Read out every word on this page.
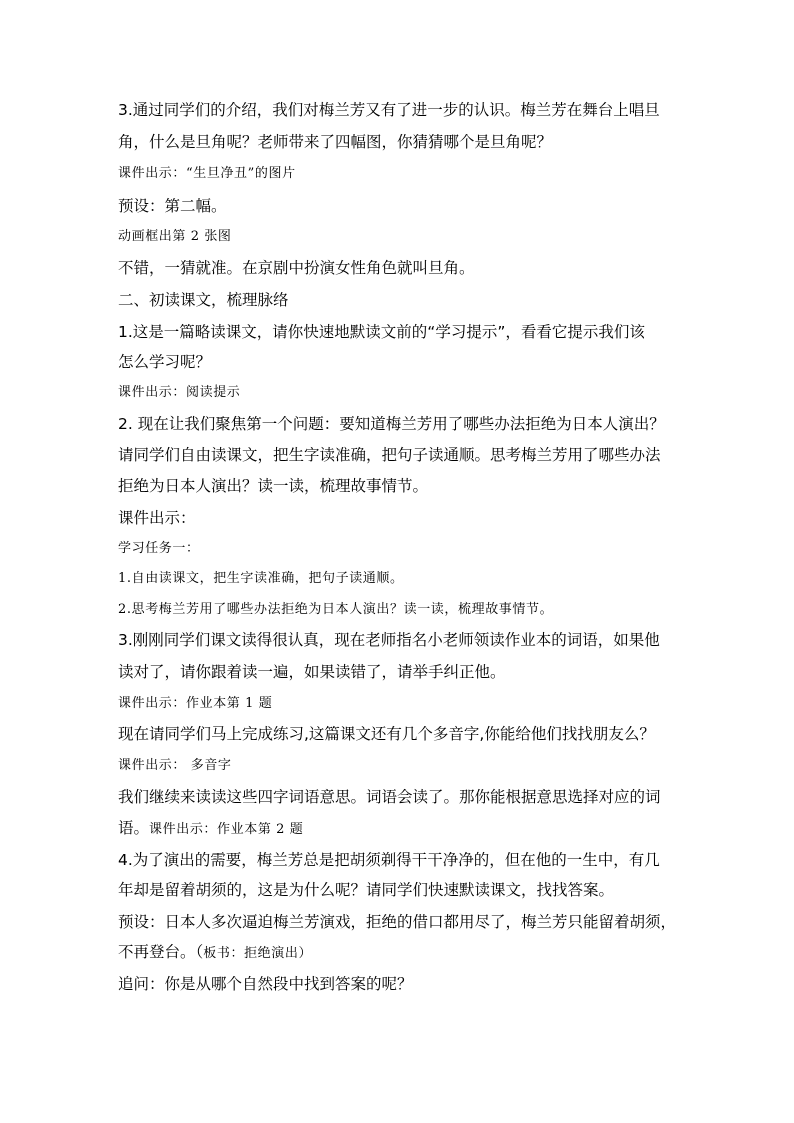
3.通过同学们的介绍，我们对梅兰芳又有了进一步的认识。梅兰芳在舞台上唱旦

角，什么是旦角呢？老师带来了四幅图，你猜猜哪个是旦角呢？

课件出示：“生旦净丑”的图片

预设：第二幅。

动画框出第 2 张图

不错，一猜就准。在京剧中扮演女性角色就叫旦角。

二、初读课文，梳理脉络

1.这是一篇略读课文，请你快速地默读文前的“学习提示”，看看它提示我们该

怎么学习呢？

课件出示：阅读提示

2. 现在让我们聚焦第一个问题：要知道梅兰芳用了哪些办法拒绝为日本人演出？

请同学们自由读课文，把生字读准确，把句子读通顺。思考梅兰芳用了哪些办法

拒绝为日本人演出？读一读，梳理故事情节。

课件出示：

学习任务一：

1.自由读课文，把生字读准确，把句子读通顺。

2.思考梅兰芳用了哪些办法拒绝为日本人演出？读一读，梳理故事情节。

3.刚刚同学们课文读得很认真，现在老师指名小老师领读作业本的词语，如果他

读对了，请你跟着读一遍，如果读错了，请举手纠正他。

课件出示：作业本第 1 题

现在请同学们马上完成练习,这篇课文还有几个多音字,你能给他们找找朋友么？

课件出示： 多音字

我们继续来读读这些四字词语意思。词语会读了。那你能根据意思选择对应的词

语。课件出示：作业本第 2 题

4.为了演出的需要，梅兰芳总是把胡须剃得干干净净的，但在他的一生中，有几

年却是留着胡须的，这是为什么呢？请同学们快速默读课文，找找答案。

预设：日本人多次逼迫梅兰芳演戏，拒绝的借口都用尽了，梅兰芳只能留着胡须，

不再登台。（板书：拒绝演出）

追问：你是从哪个自然段中找到答案的呢？
